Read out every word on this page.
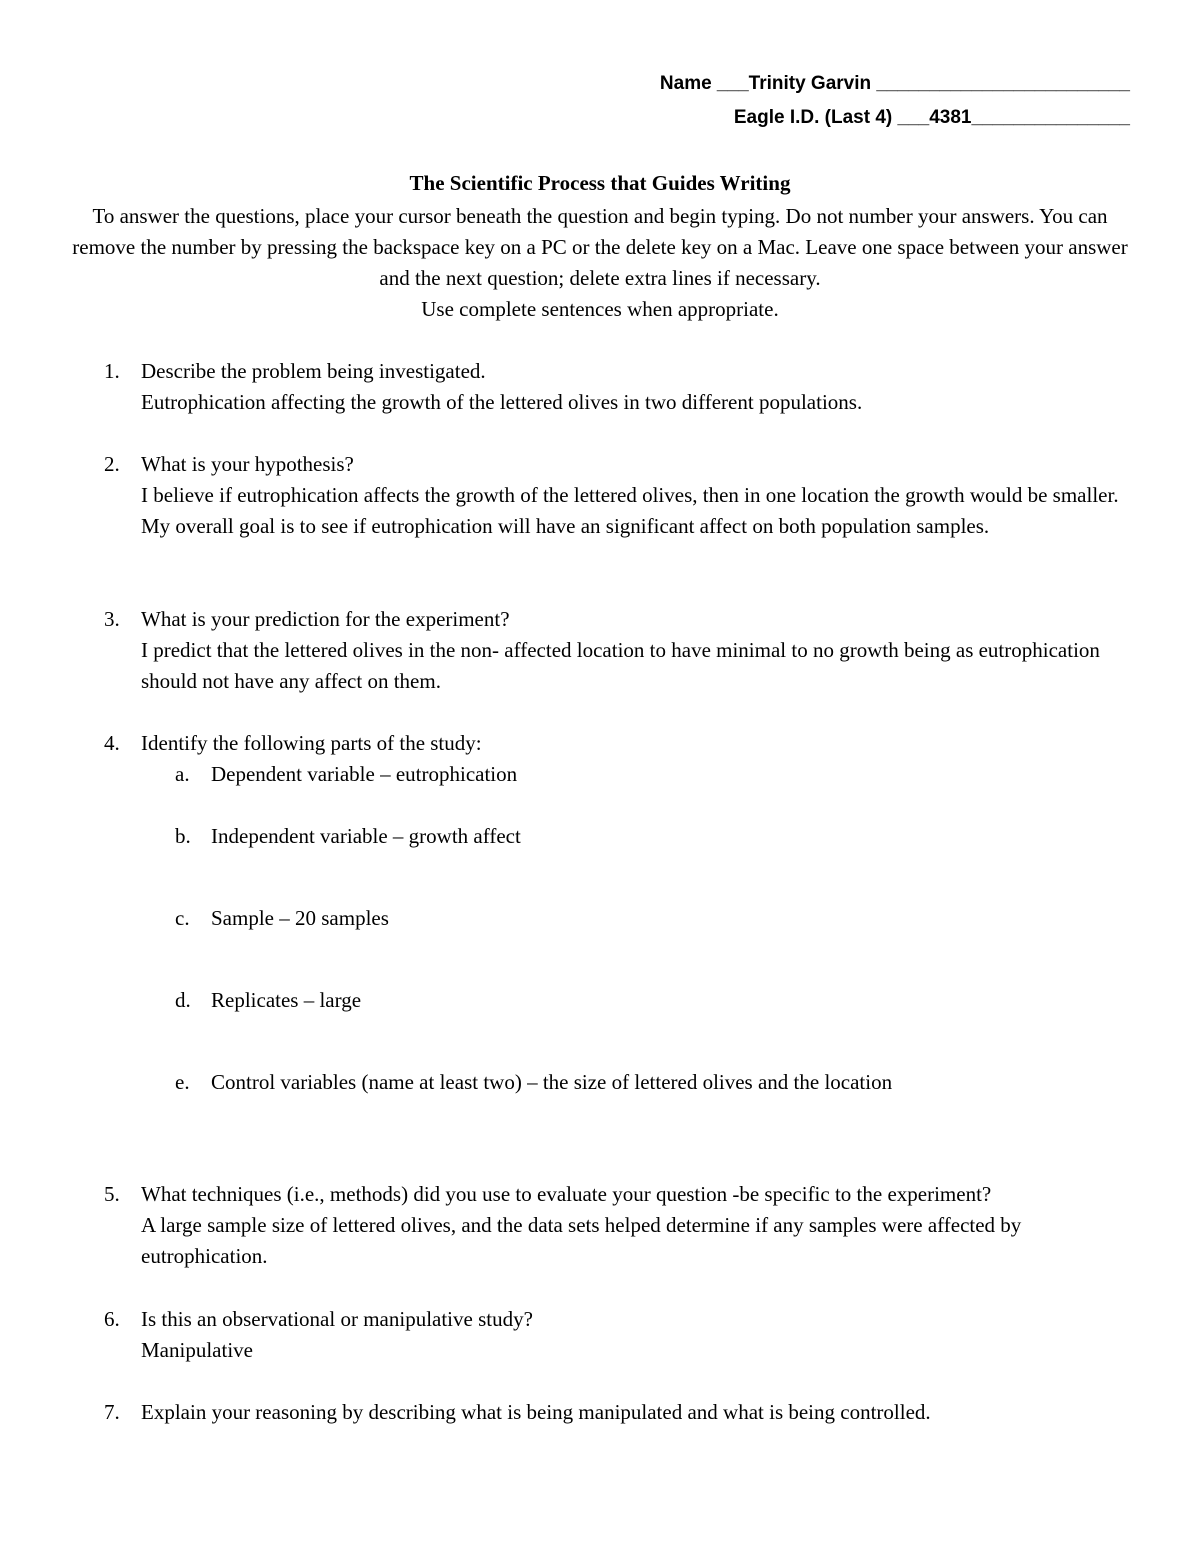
Name ___Trinity Garvin ________________________
Eagle I.D. (Last 4) ___4381_______________
The Scientific Process that Guides Writing

To answer the questions, place your cursor beneath the question and begin typing. Do not number your answers. You can remove the number by pressing the backspace key on a PC or the delete key on a Mac. Leave one space between your answer and the next question; delete extra lines if necessary.

Use complete sentences when appropriate.

1. Describe the problem being investigated.

Eutrophication affecting the growth of the lettered olives in two different populations.

2. What is your hypothesis?

I believe if eutrophication affects the growth of the lettered olives, then in one location the growth would be smaller. My overall goal is to see if eutrophication will have an significant affect on both population samples.

3. What is your prediction for the experiment?

I predict that the lettered olives in the non- affected location to have minimal to no growth being as eutrophication should not have any affect on them.

4. Identify the following parts of the study:

a. Dependent variable – eutrophication
b. Independent variable – growth affect
c. Sample – 20 samples
d. Replicates – large
e. Control variables (name at least two) – the size of lettered olives and the location
5. What techniques (i.e., methods) did you use to evaluate your question -be specific to the experiment?

A large sample size of lettered olives, and the data sets helped determine if any samples were affected by eutrophication.

6. Is this an observational or manipulative study?

Manipulative

7. Explain your reasoning by describing what is being manipulated and what is being controlled.
